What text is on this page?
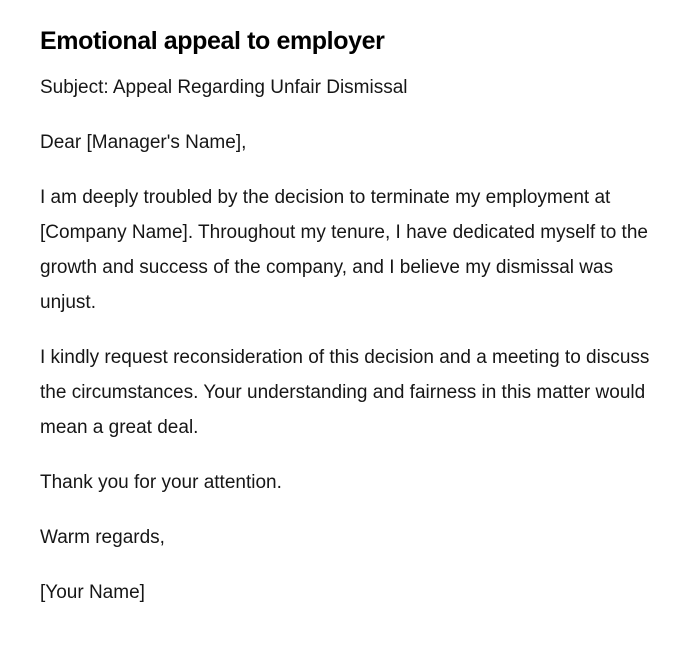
Emotional appeal to employer

Subject: Appeal Regarding Unfair Dismissal

Dear [Manager's Name],

I am deeply troubled by the decision to terminate my employment at [Company Name]. Throughout my tenure, I have dedicated myself to the growth and success of the company, and I believe my dismissal was unjust.

I kindly request reconsideration of this decision and a meeting to discuss the circumstances. Your understanding and fairness in this matter would mean a great deal.

Thank you for your attention.

Warm regards,

[Your Name]
